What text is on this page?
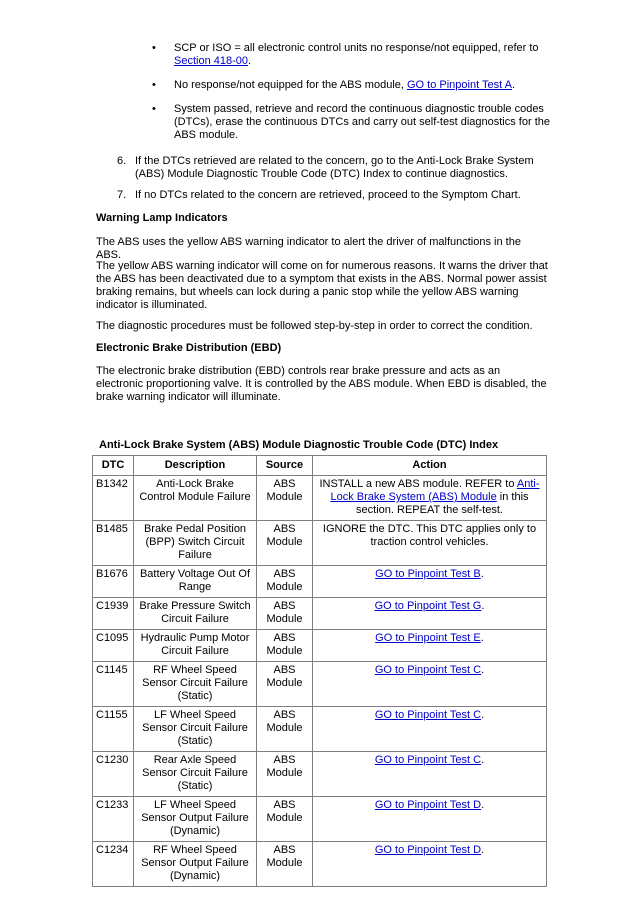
• SCP or ISO = all electronic control units no response/not equipped, refer to Section 418-00.
• No response/not equipped for the ABS module, GO to Pinpoint Test A.
• System passed, retrieve and record the continuous diagnostic trouble codes (DTCs), erase the continuous DTCs and carry out self-test diagnostics for the ABS module.
6. If the DTCs retrieved are related to the concern, go to the Anti-Lock Brake System (ABS) Module Diagnostic Trouble Code (DTC) Index to continue diagnostics.
7. If no DTCs related to the concern are retrieved, proceed to the Symptom Chart.
Warning Lamp Indicators
The ABS uses the yellow ABS warning indicator to alert the driver of malfunctions in the ABS.
The yellow ABS warning indicator will come on for numerous reasons. It warns the driver that the ABS has been deactivated due to a symptom that exists in the ABS. Normal power assist braking remains, but wheels can lock during a panic stop while the yellow ABS warning indicator is illuminated.
The diagnostic procedures must be followed step-by-step in order to correct the condition.
Electronic Brake Distribution (EBD)
The electronic brake distribution (EBD) controls rear brake pressure and acts as an electronic proportioning valve. It is controlled by the ABS module. When EBD is disabled, the brake warning indicator will illuminate.
Anti-Lock Brake System (ABS) Module Diagnostic Trouble Code (DTC) Index
DTC	Description	Source	Action
B1342	Anti-Lock Brake Control Module Failure	ABS Module	INSTALL a new ABS module. REFER to Anti-Lock Brake System (ABS) Module in this section. REPEAT the self-test.
B1485	Brake Pedal Position (BPP) Switch Circuit Failure	ABS Module	IGNORE the DTC. This DTC applies only to traction control vehicles.
B1676	Battery Voltage Out Of Range	ABS Module	GO to Pinpoint Test B.
C1939	Brake Pressure Switch Circuit Failure	ABS Module	GO to Pinpoint Test G.
C1095	Hydraulic Pump Motor Circuit Failure	ABS Module	GO to Pinpoint Test E.
C1145	RF Wheel Speed Sensor Circuit Failure (Static)	ABS Module	GO to Pinpoint Test C.
C1155	LF Wheel Speed Sensor Circuit Failure (Static)	ABS Module	GO to Pinpoint Test C.
C1230	Rear Axle Speed Sensor Circuit Failure (Static)	ABS Module	GO to Pinpoint Test C.
C1233	LF Wheel Speed Sensor Output Failure (Dynamic)	ABS Module	GO to Pinpoint Test D.
C1234	RF Wheel Speed Sensor Output Failure (Dynamic)	ABS Module	GO to Pinpoint Test D.
